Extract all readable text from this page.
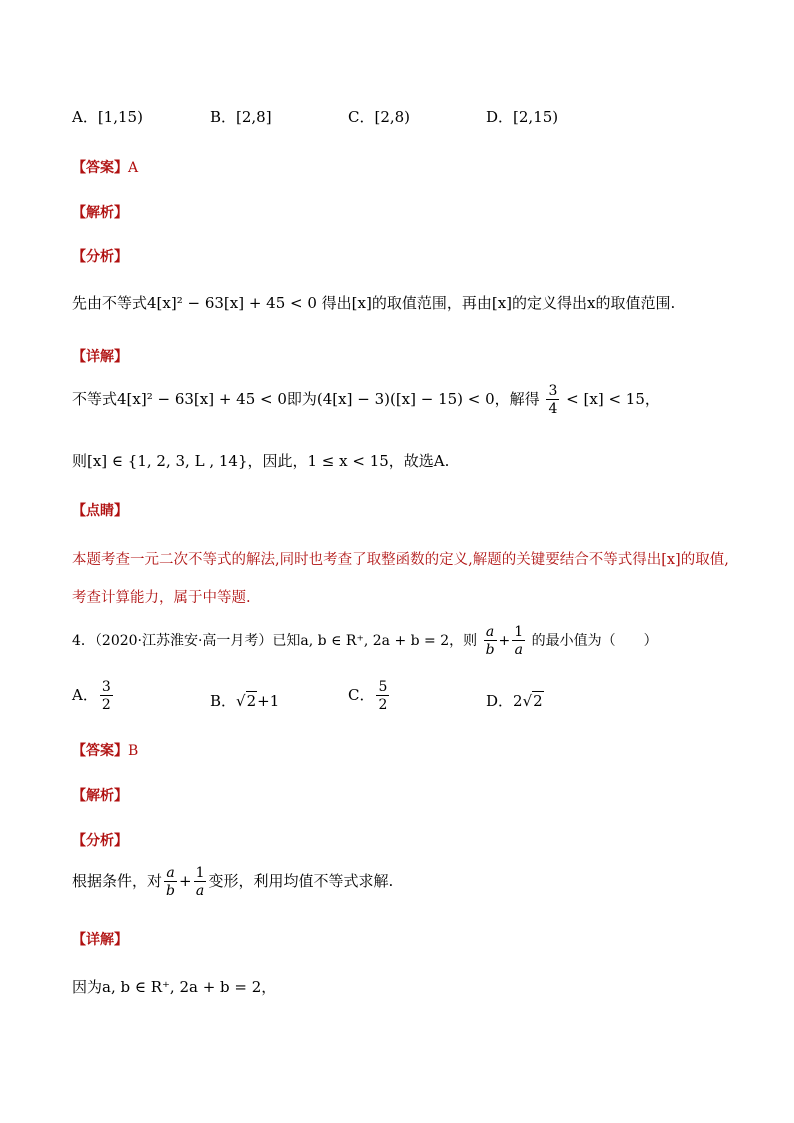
A．[1,15)	B．[2,8]	C．[2,8)	D．[2,15)
【答案】A
【解析】
【分析】
先由不等式4[x]² − 63[x] + 45 < 0 得出[x]的取值范围，再由[x]的定义得出x的取值范围.
【详解】
不等式4[x]² − 63[x] + 45 < 0即为(4[x] − 3)([x] − 15) < 0，解得 $\frac{3}{4} < [x] < 15$，
则[x] ∈ {1, 2, 3, L , 14}，因此，1 ≤ x < 15，故选A.
【点睛】
本题考查一元二次不等式的解法,同时也考查了取整函数的定义,解题的关键要结合不等式得出[x]的取值,
考查计算能力，属于中等题.
4．（2020·江苏淮安·高一月考）已知a, b ∈ R⁺, 2a + b = 2，则 $\frac{a}{b} + \frac{1}{a}$ 的最小值为（　　）
A． $\frac{3}{2}$	B．√2+1	C． $\frac{5}{2}$	D．2√2
【答案】B
【解析】
【分析】
根据条件，对 $\frac{a}{b} + \frac{1}{a}$ 变形，利用均值不等式求解.
【详解】
因为a, b ∈ R⁺, 2a + b = 2，
